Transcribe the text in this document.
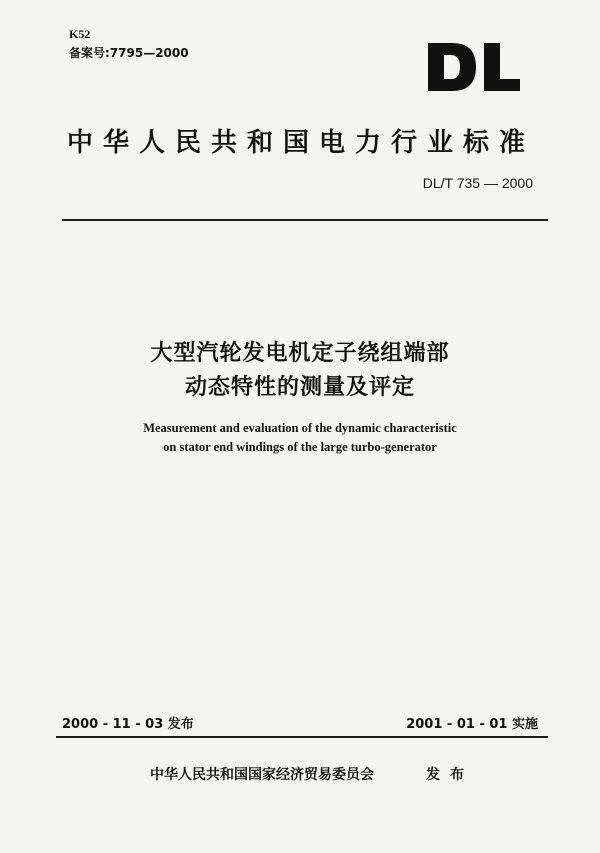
K52
备案号:7795—2000
中华人民共和国电力行业标准
DL/T 735 — 2000
大型汽轮发电机定子绕组端部
动态特性的测量及评定
Measurement and evaluation of the dynamic characteristic
on stator end windings of the large turbo-generator
2000 - 11 - 03 发布	2001 - 01 - 01 实施
中华人民共和国国家经济贸易委员会	发布
